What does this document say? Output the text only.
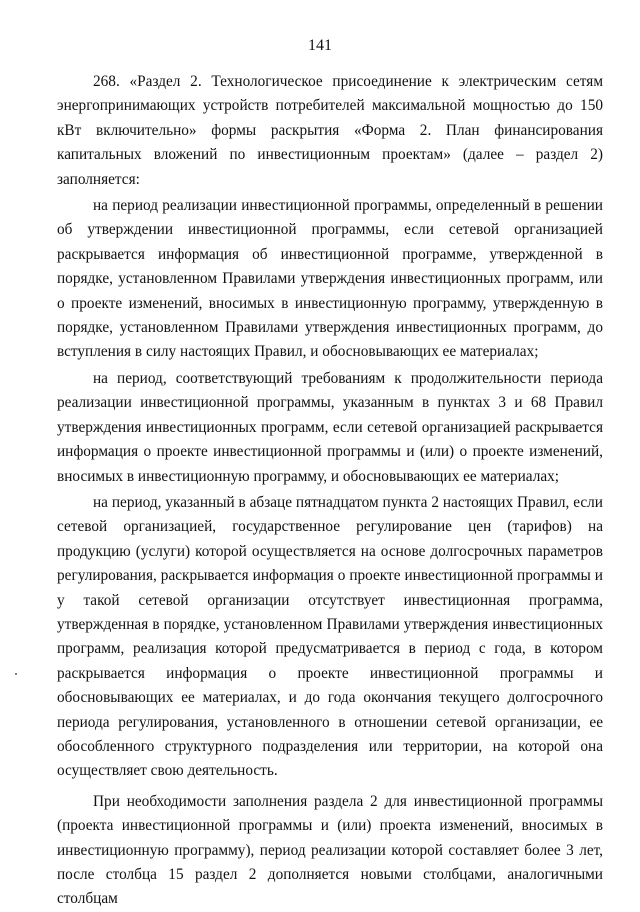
141

268. «Раздел 2. Технологическое присоединение к электрическим сетям энергопринимающих устройств потребителей максимальной мощностью до 150 кВт включительно» формы раскрытия «Форма 2. План финансирования капитальных вложений по инвестиционным проектам» (далее – раздел 2) заполняется:

на период реализации инвестиционной программы, определенный в решении об утверждении инвестиционной программы, если сетевой организацией раскрывается информация об инвестиционной программе, утвержденной в порядке, установленном Правилами утверждения инвестиционных программ, или о проекте изменений, вносимых в инвестиционную программу, утвержденную в порядке, установленном Правилами утверждения инвестиционных программ, до вступления в силу настоящих Правил, и обосновывающих ее материалах;

на период, соответствующий требованиям к продолжительности периода реализации инвестиционной программы, указанным в пунктах 3 и 68 Правил утверждения инвестиционных программ, если сетевой организацией раскрывается информация о проекте инвестиционной программы и (или) о проекте изменений, вносимых в инвестиционную программу, и обосновывающих ее материалах;

на период, указанный в абзаце пятнадцатом пункта 2 настоящих Правил, если сетевой организацией, государственное регулирование цен (тарифов) на продукцию (услуги) которой осуществляется на основе долгосрочных параметров регулирования, раскрывается информация о проекте инвестиционной программы и у такой сетевой организации отсутствует инвестиционная программа, утвержденная в порядке, установленном Правилами утверждения инвестиционных программ, реализация которой предусматривается в период с года, в котором раскрывается информация о проекте инвестиционной программы и обосновывающих ее материалах, и до года окончания текущего долгосрочного периода регулирования, установленного в отношении сетевой организации, ее обособленного структурного подразделения или территории, на которой она осуществляет свою деятельность.

При необходимости заполнения раздела 2 для инвестиционной программы (проекта инвестиционной программы и (или) проекта изменений, вносимых в инвестиционную программу), период реализации которой составляет более 3 лет, после столбца 15 раздел 2 дополняется новыми столбцами, аналогичными столбцам
